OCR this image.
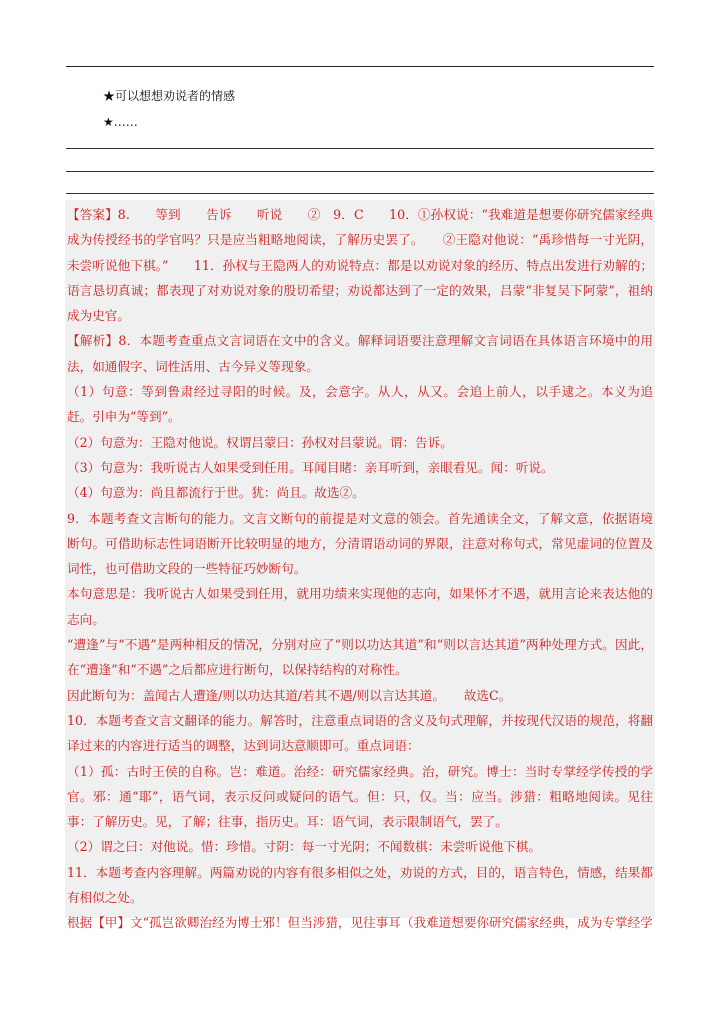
★可以想想劝说者的情感
★……

【答案】8.　　等到　　告诉　　听说　　②　9．C　　10．①孙权说：“我难道是想要你研究儒家经典成为传授经书的学官吗？只是应当粗略地阅读，了解历史罢了。　　②王隐对他说：“禹珍惜每一寸光阴，未尝听说他下棋。”　　11．孙权与王隐两人的劝说特点：都是以劝说对象的经历、特点出发进行劝解的；语言恳切真诚；都表现了对劝说对象的殷切希望；劝说都达到了一定的效果，吕蒙“非复吴下阿蒙”，祖纳成为史官。

【解析】8．本题考查重点文言词语在文中的含义。解释词语要注意理解文言词语在具体语言环境中的用法，如通假字、词性活用、古今异义等现象。

（1）句意：等到鲁肃经过寻阳的时候。及，会意字。从人，从又。会追上前人，以手逮之。本义为追赶。引申为“等到”。

（2）句意为：王隐对他说。权谓吕蒙曰：孙权对吕蒙说。谓：告诉。

（3）句意为：我听说古人如果受到任用。耳闻目睹：亲耳听到，亲眼看见。闻：听说。

（4）句意为：尚且都流行于世。犹：尚且。故选②。

9．本题考查文言断句的能力。文言文断句的前提是对文意的领会。首先通读全文，了解文意，依据语境断句。可借助标志性词语断开比较明显的地方，分清谓语动词的界限，注意对称句式，常见虚词的位置及词性，也可借助文段的一些特征巧妙断句。

本句意思是：我听说古人如果受到任用，就用功绩来实现他的志向，如果怀才不遇，就用言论来表达他的志向。

“遭逢”与“不遇”是两种相反的情况，分别对应了“则以功达其道”和“则以言达其道”两种处理方式。因此，在“遭逢”和“不遇”之后都应进行断句，以保持结构的对称性。

因此断句为：盖闻古人遭逢/则以功达其道/若其不遇/则以言达其道。　　故选C。

10．本题考查文言文翻译的能力。解答时，注意重点词语的含义及句式理解，并按现代汉语的规范，将翻译过来的内容进行适当的调整，达到词达意顺即可。重点词语：

（1）孤：古时王侯的自称。岂：难道。治经：研究儒家经典。治，研究。博士：当时专掌经学传授的学官。邪：通“耶”，语气词，表示反问或疑问的语气。但：只，仅。当：应当。涉猎：粗略地阅读。见往事：了解历史。见，了解；往事，指历史。耳：语气词，表示限制语气，罢了。

（2）谓之曰：对他说。惜：珍惜。寸阴：每一寸光阴；不闻数棋：未尝听说他下棋。

11．本题考查内容理解。两篇劝说的内容有很多相似之处，劝说的方式，目的，语言特色，情感，结果都有相似之处。

根据【甲】文“孤岂欲卿治经为博士邪！但当涉猎，见往事耳（我难道想要你研究儒家经典，成为专掌经学
